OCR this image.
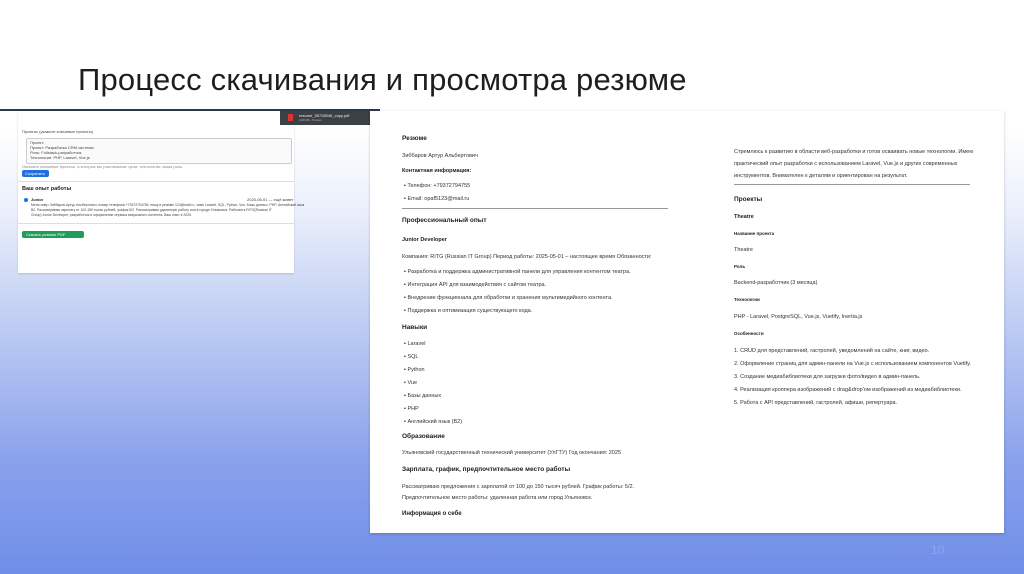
Процесс скачивания и просмотра резюме
resume_55728046_copy.pdf
2,68 КБ • Готово
Проекты (укажите ключевые проекты)
Проект:
Проект: Разработка CRM системы
Роль: Fullstack-разработчик
Технологии: PHP, Laravel, Vue.js
Опишите ключевые проекты, в которых вы участвовали: цели, технологии, ваша роль.
Сохранить
Ваш опыт работы
Junior	2025-06-01 — ещё живет
Меня зовут Зиббаров Артур Альбертович, номер телефона +79372794755, пишу в резюме 123@mail.ru, знаю Laravel, SQL, Python, Vue, Базы данных, PHP, Английский язык
B2. Рассматриваю зарплату от 100-150 тысяч рублей, график 5/2. Рассматриваю удаленную работу или в городе Ульяновск. Работаю в RITG(Russian IT
Group) Junior Developer, разработчик и оформление сервиса визуального контента. Ваш опыт в 2025.
Скачать резюме PDF
Резюме
Зиббаров Артур Альбертович
Контактная информация:
▪ Телефон: +79372794755
▪ Email: opaf5123@mail.ru
Профессиональный опыт
Junior Developer
Компания: RITG (Russian IT Group) Период работы: 2025-05-01 – настоящее время Обязанности:
▪ Разработка и поддержка административной панели для управления контентом театра.
▪ Интеграция API для взаимодействия с сайтом театра.
▪ Внедрение функционала для обработки и хранения мультимедийного контента.
▪ Поддержка и оптимизация существующего кода.
Навыки
▪ Laravel
▪ SQL
▪ Python
▪ Vue
▪ Базы данных
▪ PHP
▪ Английский язык (B2)
Образование
Ульяновский государственный технический университет (УлГТУ) Год окончания: 2025
Зарплата, график, предпочтительное место работы
Рассматриваю предложения с зарплатой от 100 до 150 тысяч рублей. График работы: 5/2.
Предпочтительное место работы: удаленная работа или город Ульяновск.
Информация о себе
Стремлюсь к развитию в области веб-разработки и готов осваивать новые технологии. Имею
практический опыт разработки с использованием Laravel, Vue.js и других современных
инструментов. Внимателен к деталям и ориентирован на результат.
Проекты
Theatre
Название проекта
Theatre
Роль
Backend-разработчик (3 месяца)
Технологии
PHP - Laravel, PostgreSQL, Vue.js, Vuetify, Inertia.js
Особенности
1. CRUD для представлений, гастролей, уведомлений на сайте, книг, видео.
2. Оформление страниц для админ-панели на Vue.js с использованием компонентов Vuetify.
3. Создание медиабиблиотеки для загрузки фото/видео в админ-панель.
4. Реализация кроппера изображений с drag&drop'ом изображений из медиабиблиотеки.
5. Работа с API представлений, гастролей, афиши, репертуара.
10
